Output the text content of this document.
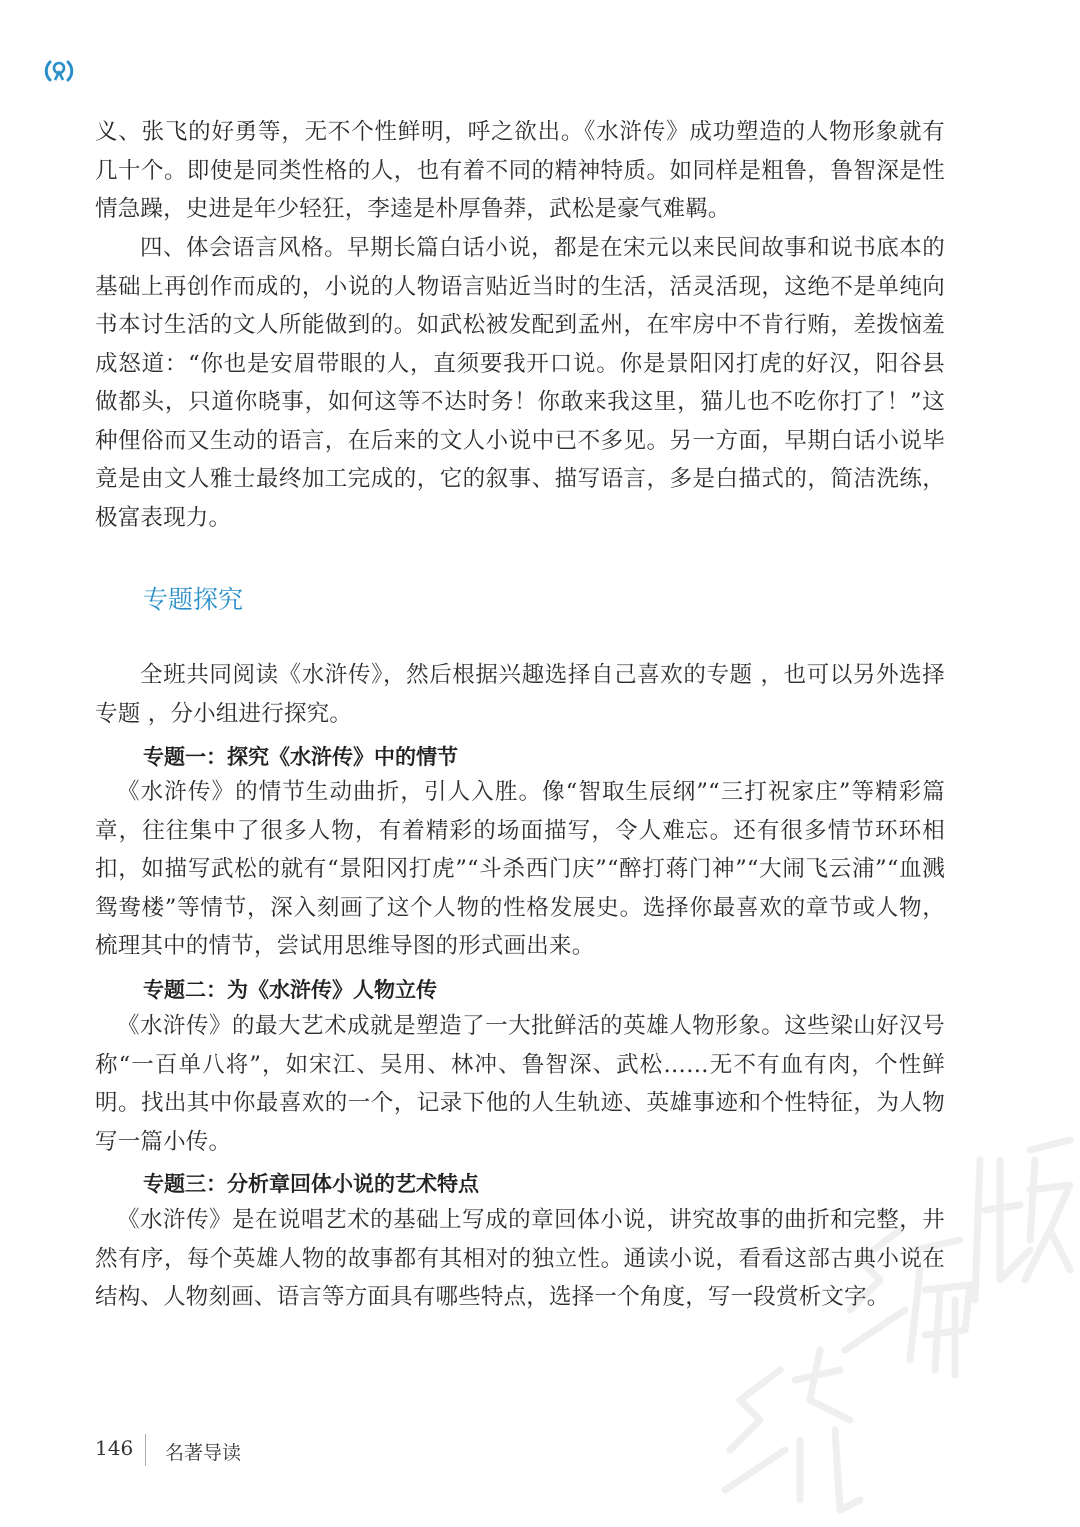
义、张飞的好勇等，无不个性鲜明，呼之欲出。《水浒传》成功塑造的人物形象就有几十个。即使是同类性格的人，也有着不同的精神特质。如同样是粗鲁，鲁智深是性情急躁，史进是年少轻狂，李逵是朴厚鲁莽，武松是豪气难羁。

四、体会语言风格。早期长篇白话小说，都是在宋元以来民间故事和说书底本的基础上再创作而成的，小说的人物语言贴近当时的生活，活灵活现，这绝不是单纯向书本讨生活的文人所能做到的。如武松被发配到孟州，在牢房中不肯行贿，差拨恼羞成怒道：“你也是安眉带眼的人，直须要我开口说。你是景阳冈打虎的好汉，阳谷县做都头，只道你晓事，如何这等不达时务！你敢来我这里，猫儿也不吃你打了！”这种俚俗而又生动的语言，在后来的文人小说中已不多见。另一方面，早期白话小说毕竟是由文人雅士最终加工完成的，它的叙事、描写语言，多是白描式的，简洁洗练，极富表现力。

专题探究

全班共同阅读《水浒传》，然后根据兴趣选择自己喜欢的专题 ，也可以另外选择专题 ，分小组进行探究。

专题一：探究《水浒传》中的情节

《水浒传》的情节生动曲折，引人入胜。像“智取生辰纲”“三打祝家庄”等精彩篇章，往往集中了很多人物，有着精彩的场面描写，令人难忘。还有很多情节环环相扣，如描写武松的就有“景阳冈打虎”“斗杀西门庆”“醉打蒋门神”“大闹飞云浦”“血溅鸳鸯楼”等情节，深入刻画了这个人物的性格发展史。选择你最喜欢的章节或人物，梳理其中的情节，尝试用思维导图的形式画出来。

专题二：为《水浒传》人物立传

《水浒传》的最大艺术成就是塑造了一大批鲜活的英雄人物形象。这些梁山好汉号称“一百单八将”，如宋江、吴用、林冲、鲁智深、武松……无不有血有肉，个性鲜明。找出其中你最喜欢的一个，记录下他的人生轨迹、英雄事迹和个性特征，为人物写一篇小传。

专题三：分析章回体小说的艺术特点

《水浒传》是在说唱艺术的基础上写成的章回体小说，讲究故事的曲折和完整，井然有序，每个英雄人物的故事都有其相对的独立性。通读小说，看看这部古典小说在结构、人物刻画、语言等方面具有哪些特点，选择一个角度，写一段赏析文字。

146 名著导读
